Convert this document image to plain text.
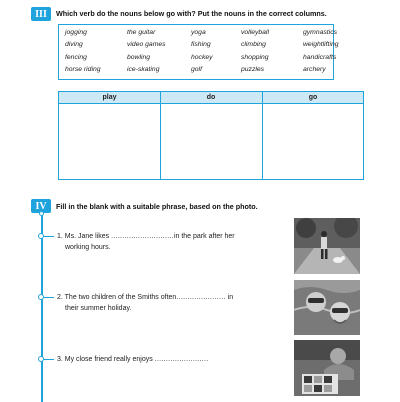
III	Which verb do the nouns below go with? Put the nouns in the correct columns.
jogging	the guitar	yoga	volleyball	gymnastics
diving	video games	fishing	climbing	weightlifting
fencing	bowling	hockey	shopping	handicrafts
horse riding	ice-skating	golf	puzzles	archery
play	do	go
IV	Fill in the blank with a suitable phrase, based on the photo.
1. Ms. Jane likes ............................in the park after her
working hours.
2. The two children of the Smiths often...................... in
their summer holiday.
3. My close friend really enjoys ........................
